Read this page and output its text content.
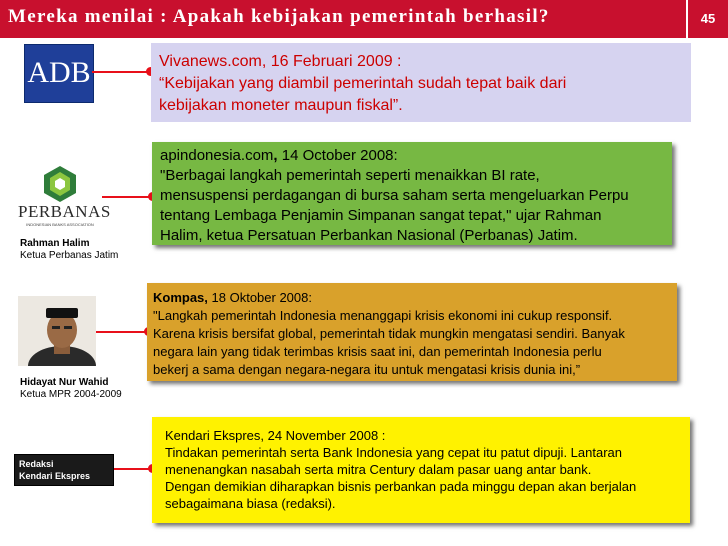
Mereka menilai : Apakah kebijakan pemerintah berhasil?	45
ADB	Vivanews.com, 16 Februari 2009 :
“Kebijakan yang diambil pemerintah sudah tepat baik dari
kebijakan moneter maupun fiskal”.
PERBANAS
INDONESIAN BANKS ASSOCIATION
apindonesia.com, 14 October 2008:
"Berbagai langkah pemerintah seperti menaikkan BI rate,
mensuspensi perdagangan di bursa saham serta mengeluarkan Perpu
tentang Lembaga Penjamin Simpanan sangat tepat," ujar Rahman
Halim, ketua Persatuan Perbankan Nasional (Perbanas) Jatim.
Rahman Halim
Ketua Perbanas Jatim
Kompas, 18 Oktober 2008:
"Langkah pemerintah Indonesia menanggapi krisis ekonomi ini cukup responsif.
Karena krisis bersifat global, pemerintah tidak mungkin mengatasi sendiri. Banyak
negara lain yang tidak terimbas krisis saat ini, dan pemerintah Indonesia perlu
bekerj a sama dengan negara-negara itu untuk mengatasi krisis dunia ini,”
Hidayat Nur Wahid
Ketua MPR 2004-2009
Redaksi
Kendari Ekspres
Kendari Ekspres, 24 November 2008 :
Tindakan pemerintah serta Bank Indonesia yang cepat itu patut dipuji. Lantaran
menenangkan nasabah serta mitra Century dalam pasar uang antar bank.
Dengan demikian diharapkan bisnis perbankan pada minggu depan akan berjalan
sebagaimana biasa (redaksi).
